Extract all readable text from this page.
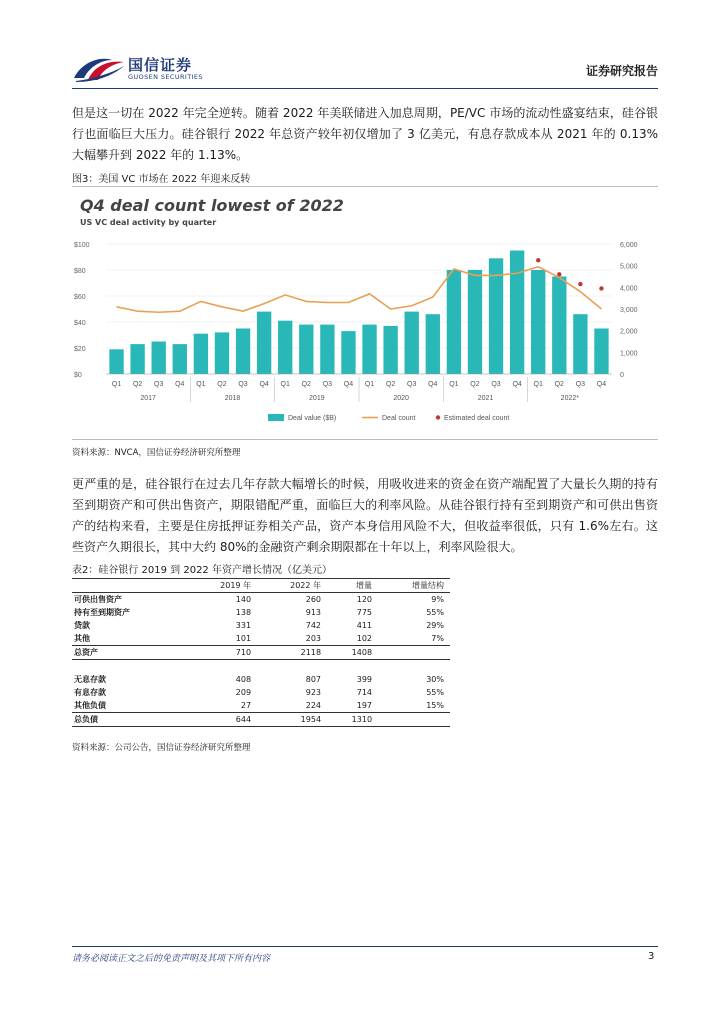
国信证券
GUOSEN SECURITIES	证券研究报告
但是这一切在 2022 年完全逆转。随着 2022 年美联储进入加息周期，PE/VC 市场的流动性盛宴结束，硅谷银行也面临巨大压力。硅谷银行 2022 年总资产较年初仅增加了 3 亿美元，有息存款成本从 2021 年的 0.13%大幅攀升到 2022 年的 1.13%。
图3：美国 VC 市场在 2022 年迎来反转
Q4 deal count lowest of 2022
US VC deal activity by quarter
$100
$80
$60
$40
$20
$0
6,000
5,000
4,000
3,000
2,000
1,000
0
Q1 Q2 Q3 Q4 Q1 Q2 Q3 Q4 Q1 Q2 Q3 Q4 Q1 Q2 Q3 Q4 Q1 Q2 Q3 Q4 Q1 Q2 Q3 Q4
2017	2018	2019	2020	2021	2022*
Deal value ($B)	Deal count	Estimated deal count
资料来源：NVCA，国信证券经济研究所整理
更严重的是，硅谷银行在过去几年存款大幅增长的时候，用吸收进来的资金在资产端配置了大量长久期的持有至到期资产和可供出售资产，期限错配严重，面临巨大的利率风险。从硅谷银行持有至到期资产和可供出售资产的结构来看，主要是住房抵押证券相关产品，资产本身信用风险不大，但收益率很低，只有 1.6%左右。这些资产久期很长，其中大约 80%的金融资产剩余期限都在十年以上，利率风险很大。
表2：硅谷银行 2019 到 2022 年资产增长情况（亿美元）
	2019 年	2022 年	增量	增量结构
可供出售资产	140	260	120	9%
持有至到期资产	138	913	775	55%
贷款	331	742	411	29%
其他	101	203	102	7%
总资产	710	2118	1408	

无息存款	408	807	399	30%
有息存款	209	923	714	55%
其他负债	27	224	197	15%
总负债	644	1954	1310	
资料来源：公司公告，国信证券经济研究所整理
请务必阅读正文之后的免责声明及其项下所有内容	3
